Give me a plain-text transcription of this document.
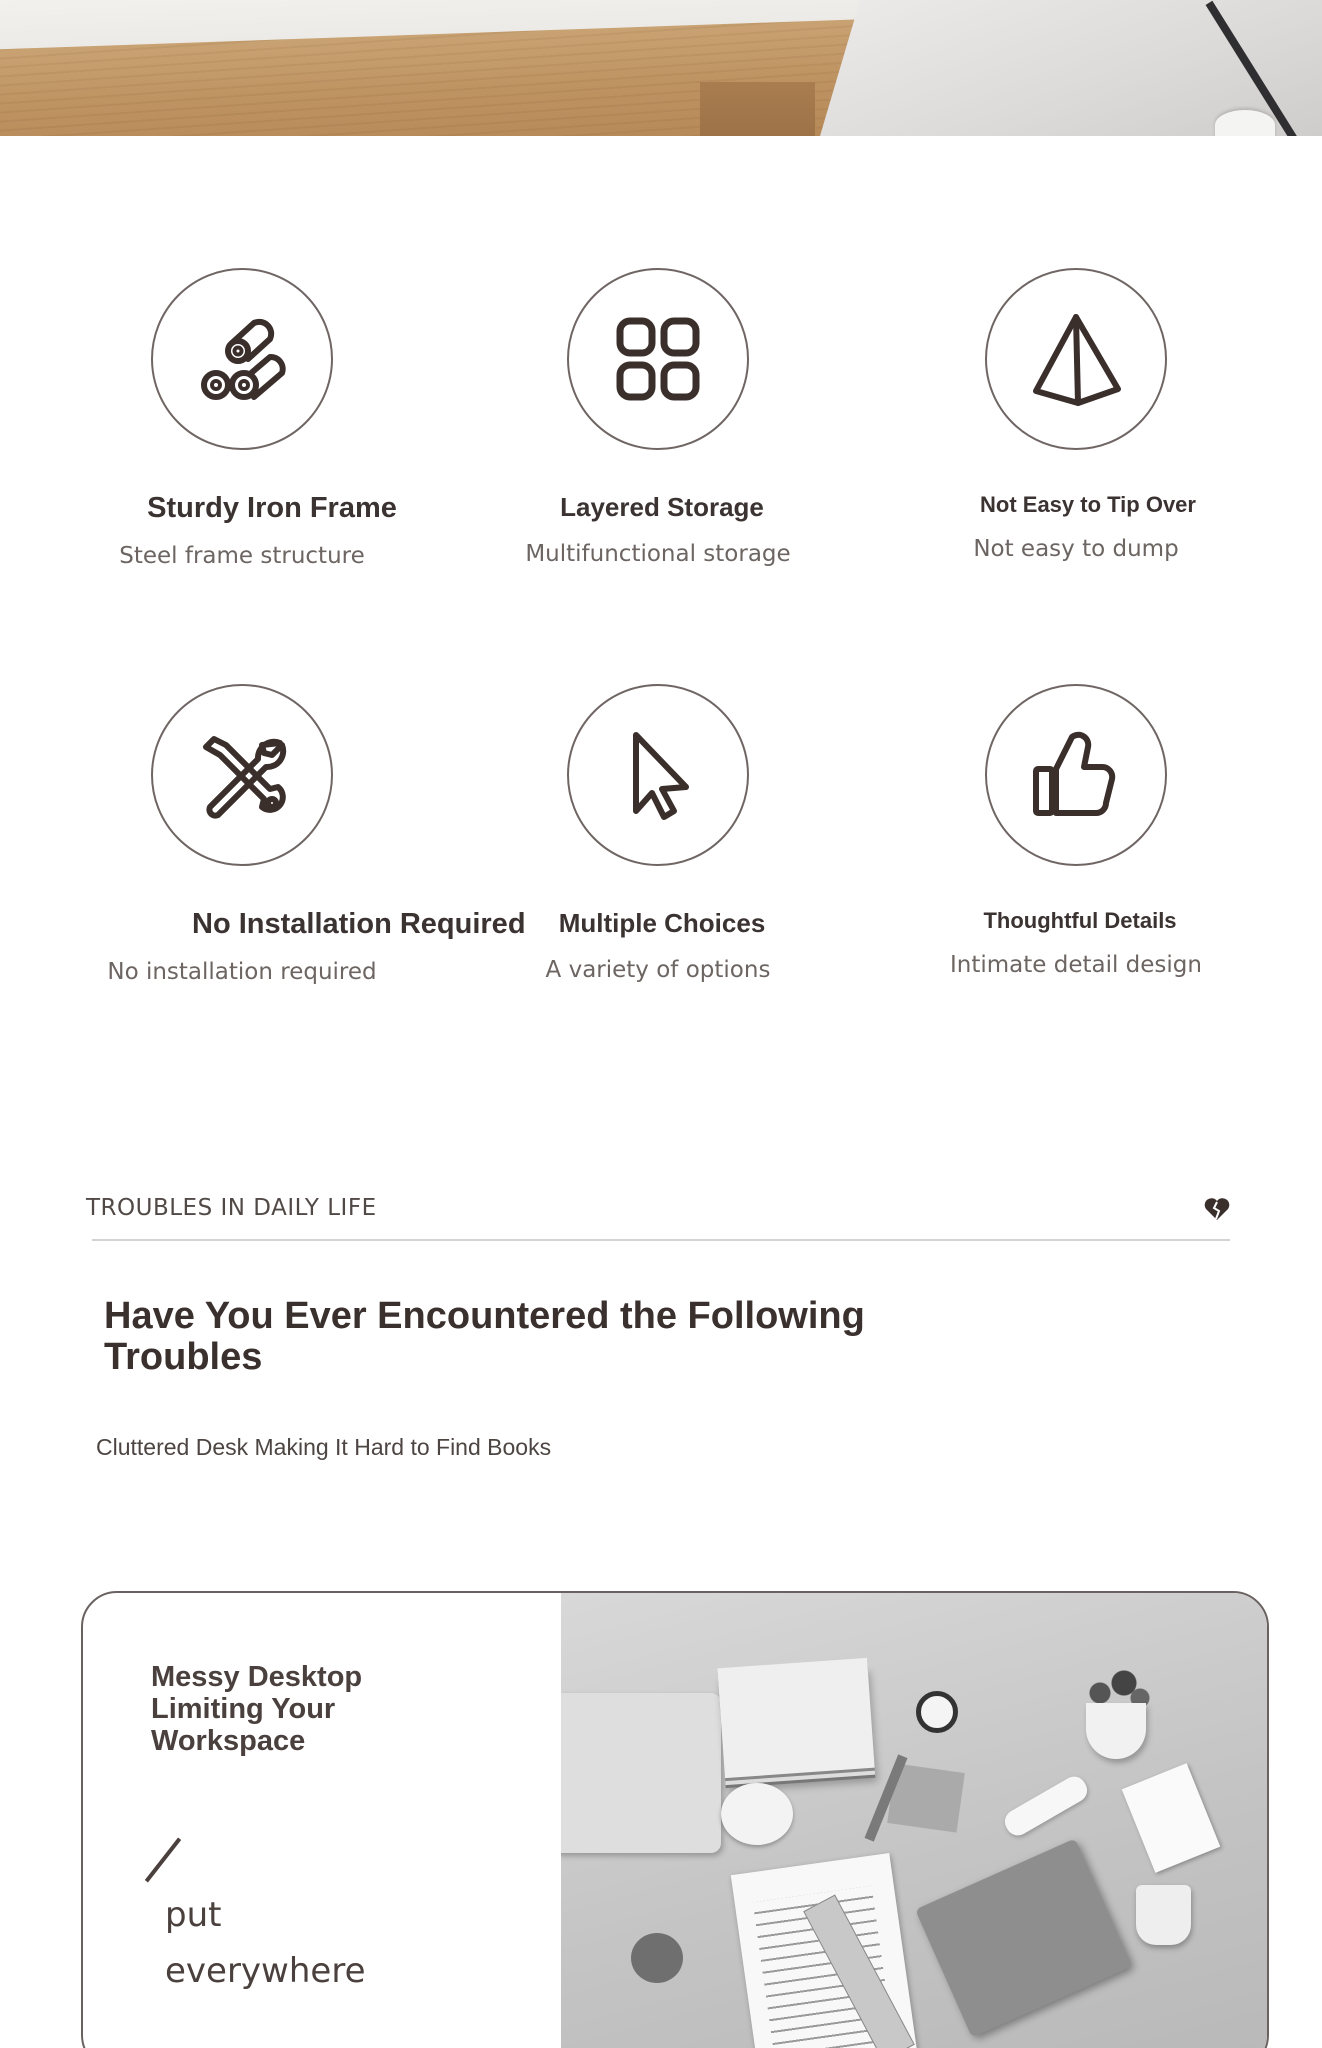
Sturdy Iron Frame
Steel frame structure
Layered Storage
Multifunctional storage
Not Easy to Tip Over
Not easy to dump
No Installation Required
No installation required
Multiple Choices
A variety of options
Thoughtful Details
Intimate detail design
TROUBLES IN DAILY LIFE
Have You Ever Encountered the Following Troubles
Cluttered Desk Making It Hard to Find Books
Messy Desktop Limiting Your Workspace
put
everywhere
